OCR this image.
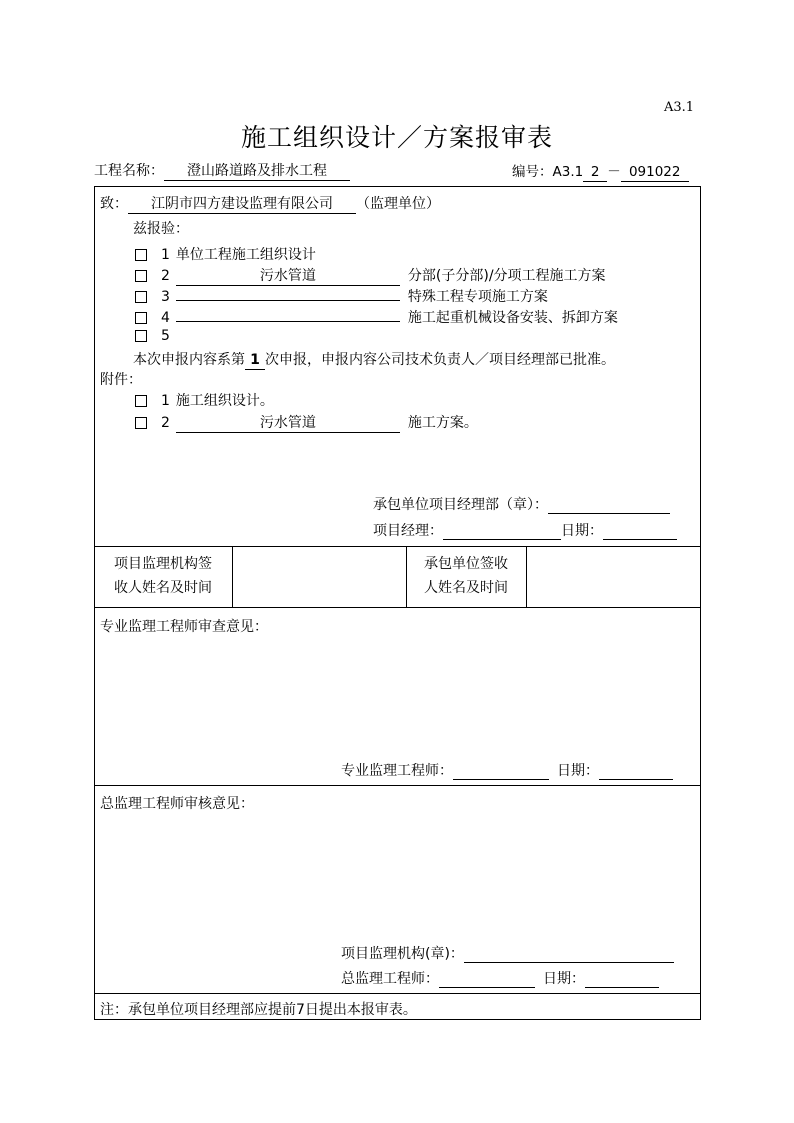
A3.1
施工组织设计／方案报审表
工程名称： 澄山路道路及排水工程	编号：A3.1 2 － 091022
致： 江阴市四方建设监理有限公司 （监理单位）
兹报验：
1 单位工程施工组织设计
2	污水管道	分部(子分部)/分项工程施工方案
3	特殊工程专项施工方案
4	施工起重机械设备安装、拆卸方案
5
本次申报内容系第 1 次申报，申报内容公司技术负责人／项目经理部已批准。
附件：
1 施工组织设计。
2	污水管道	施工方案。
承包单位项目经理部（章）：
项目经理：	日期：
项目监理机构签
收人姓名及时间
承包单位签收
人姓名及时间
专业监理工程师审查意见：
专业监理工程师：	日期：
总监理工程师审核意见：
项目监理机构(章)：
总监理工程师：	日期：
注：承包单位项目经理部应提前7日提出本报审表。
